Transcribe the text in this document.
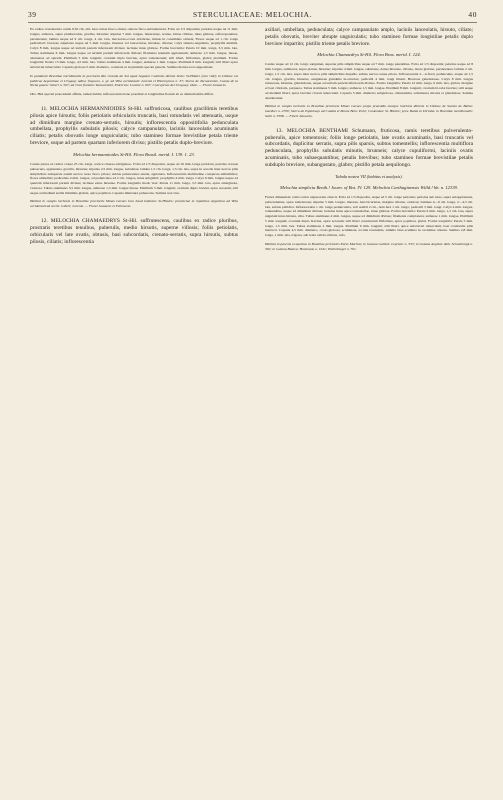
39	STERCULIACEAE: MELOCHIA.	40

Ex radice crassiuscula caulis 0,50 cm. alti, basi curtae fusco-obtusi, remote flavo-subtomentosi. Folia ad 1/3 dispositis; petiolus usque ad 11 mm. longus, subteres, supra planiusculus, gracilis, hirsutus; stipulae 7 mm. longae, linearestae, acutae, hirtae ciliatae, intus glabrae, reflexopatentes, persistentes; lamina usque ad 9 cm. longa, 4 cm. lata, lanceolato-ovata dolabriae, minus in consimiles obtusis; Flores usque ad 1 cm. longe pedicellati: bracteae stipulares usque ad 5 mm. longae, lineares vel lanceolatae, hirsutae, ciliatae; calyx sinuato-angulatus, prophyllis ninimis. Calyx 8 mm. longus usque ad tertiam partem inferiorem divisus; laciniae intus glabrae. Forma brevistila: Petala 10 mm. longa, 3,5 mm. lata. Tubus stamineus 6 mm. longus usque ad tertiam partem inferiorem divisus; filamenta tenuium applanatum; antherae 1,5 mm. longae, luteae, attenuatae ad apicem. Pistillum 5 mm. longum; ovarium triplo brevius, apice tomentosum; stili liberi, filiformes, glabri; pistillum. Forma longistila: Petala 13 mm. longa, 4,5 mm. lata. Tubus stamineus 4 mm. longus; antherae 1 mm. longae. Pistillum 8 mm. longum; stili liberi apice subclavati tuberculati. Capsula globosa 5 mm. diametro, costulata ut in plurimis speciei generis. Semina matura non suppetebant.

In paludosis Brasiliae meridionalis in provincia Rio Grande do Sul apud Jaguaro Caminho dictum Sello: St-Hilaire (non vidi); in Ditione est publicae Argentinae et Uruguay adhuc frequens, e. gr. ad Villa occidentali: Lorentz et Hieronymus n. 37; Sierra de Tacuarembó, Cuesta de la Yerba guazu: Gibert n. 597; ad rivos fluminis Tacuarembó, Entrerios: Lorentz n. 607; Concepcion del Uruguay: idem. — Floret Januario.

Obs. Hisi speciei praecedenti affinis, tamen habitu, inflorescentia bene praeditur et longitudine florum ab ea distinctissima differt.

11. MELOCHIA HERMANNIOIDES St-Hil. suffruticosa, caulibus gracillimis teretibus pilosis apice hirsutis; foliis petiolatis orbicularis truncatis, basi rotundatis vel attenuatis, usque ad dimidium margine crenato-serratis, hirsutis; inflorescentia oppositifolia pedunculata umbellata, prophyllis subulatis pilosis; calyce campanulato, laciniis lanceolatis acuminatis ciliatis; petalis obovatis longe unguiculatis; tubo stamineo formae brevistilae petala triente breviore, usque ad partem quartam inferiorem diviso; pistillo petalis duplo-breviore.

Melochia hermannioides St-Hil. Flora Brasil. merid. I. 139. 1. 23.

Caules pleres ex radice crassa 25 cm. longi, cortice cinereo-rubiginoso. Folia ad 1/3 dispositis, usque ad 16 mm. longe petiolata; petiolus crassus pubescens, applanatus, gracilis, hirsutus; stipulae 2,5 mm. longae, subulatae; lamina 1,5 cm. longa, 1,3 cm. lata, supra in acuolis inter nervos pilis simplicibus subsparsis autem nervos tereo fusco pilosa; subtus pubescentes tenuis, applanata. Inflorescentia mollitudine conspicua umbellifera; flores umbellati; pedicellae 4 mm. longae, ad pedunculos ad 2 cm. longos, intus subglabri; prophyllis 4 mm. longa. Calyx 6 mm. longus usque ad quartam inferiorem partem divisus; laciniae extus hirsutae. Forma longistila modo visa: Petala 11 mm. longa, 3,5 mm. lata, apice emarginata, violacea. Tubus stamineus 3,5 mm. longus, antherae 1,3 mm. longae luteae. Pistillum 5 mm. longum; ovarium duplo brevius apice setosum; stili usque ad medium stellis limitibus glabris, apice papillosi. Capsula immatura pubescens. Semina non visa.

Habitat in campis herbosis in Brasiliae provinciis Minas Geraes loco haud indicato: St-Hilaire; provinciae in republica Argentina ad Villa occidentali ad sectis: Gibert; Lorentz. — Floret Januario et Februario.

12. MELOCHIA CHAMAEDRYS St-Hil. suffrutescens, caulibus ex radice pluribus, prostratis teretibus tenuibus, puberulis, medio hirsutis, superne villosis; foliis petiolatis, orbicularis vel late ovatis, obtusis, basi subcordatis, crenato-serratis, supra hirsutis, subtus pilosis, ciliatis; inflorescentia

axillari, umbellata, pedunculata; calyce campanulato amplo, laciniis lanceolatis, hirsuto, ciliato; petalis obovatis, breviter abrupte unguiculatis; tubo stamineo formae longistilae petalis duplo breviore impartito; pistillo triente petalis breviore.

Melochia Chamaedrys St-Hil. Flora Bras. merid. I. 124.

Caules usque ad 12 cm. longi, sanguinei, superne pilis simplicibus usque ad 7 mm. longe patentibus. Folia ad 1/3 dispositis; petiolus usque ad 8 mm. longus, semiteres, supra planus, hirsutus; stipulae 4 mm. longae, subulatae, dense hirsutae, ciliatae, latere glabrae, persistentes; lamina 2 cm. longa, 1,5 cm. lata, supra inter nervos pilis simplicibus hispidis, subtus nervos tenue pilosa. Inflorescentia 2—4-flora; pedunculus, usque ad 1,5 cm. longus, gracilis, hirsutus, sanguineus glandulis in-structus; pedicelli 4 mm. longi hirsuti. Bracteae glandulosae. Calyx 8 mm. longus rubescens, hirsutus, glandulosus, usque ad tertiam partem inferiorem divisus. Forma longistila: Petala 12 mm. longa, 6 mm. lata, glabra, margine et basi ciliolatis, purpurea. Tubus stamineus 5 mm. longus; antherae 1,5 mm. longae. Pistillum 8 mm. longum; ovarium bi-tabe brevius; stili usque ad medium liberi, apice breviter clavati tuberculati. Capsula 5 mm. diametro subglobosa, obtusissima, subsinuata, hirsuta et glandulosa. Semina desiderantur.

Habitat in campis herbosis in Brasiliae provincia Minas Geraes prope praesidio eiusque hutchins ditionis in Ditione de Sacato de Bahia: Gardner n. 2700; Sierra do Espinhaço ad Cuiabá et Monte Belo: Pohl; Contendas: St. Hilaire; prov. Bahia in Dirinha: in Brasiliae meridionalis: Sello n. 5308. — Floret Januario.

13. MELOCHIA BENTHAMI Schumann, fruticosa, ramis teretibus pulverulento-puberulis, apice tomentosis; foliis longe petiolatis, late ovatis acuminatis, basi truncatis vel subcordatis, duplicitur serratis, supra pilis sparsis, subtus tomentellis; inflorescentia multiflora pedunculata, prophyllis subulatis minutis, brunneis; calyce cupuliformi, laciniis ovatis acuminatis, tubo subaequantibus; petalis brevibus; tubo stamineo formae brevistilae petalis subduplo breviore, subangustato, glabro; pistillo petala aequilongo.

Tabula nostra VII (habitus et analysis).

Melochia simplicia Benth.! Journ. of Bot. IV. 129. Melochia Carthaginensis Willd.! hb. n. 12339.

Frutex dimensisis; rami cortice nigrescente obtecti. Folia ad 1/3 dispositis, usque ad 5 cm. longe petiolata; petiolus sub teres, supra subapplanatus, pulverulentus, apice tomentosus; stipulae 5 mm. longae, lineares, basi bicariatae, margine ciliatae, caducae; laminae 4—9 cm. longa, 2—4,5 cm. lata, subtus pallidior. Inflorescentia 1 cm. longe pedunculata, velt assibil 2 cm., dein feré 1 cm. longo; pedicelli 3 mm. longi. Calyx 4 mm. longus, tomentellus, usque ad dimidium divisus; laciniae intus apice tomentellae, intus glabrae. Forma brevistila: Petala 6 mm. longa, 1,2 cm. lata, supra ungulam intus hirsuta, alba. Tubus stamineus 4 mm. longus, usque ad dimidium divisus; filamenta complanata; antherae 1 mm. longae. Pistillum 5 mm. longum; ovarium duplo brevius, apice setosum; stili liberi connivenuli filiformes, apice papillosi, glabri. Forma longistila: Petala 5 mm. longa, 1,5 mm. lata. Tubus stamineus 2 mm. longus. Pistillum 6 mm. longum; stili liberi, apice subclavati tuberculati, basi connivulis pilis instructi. Capsula 4,5 mm. diametro, ovato-globosa, acuminata, loculis rotundatis, summo bina acumina in cacumine obtusis. Semina 2,8 mm. longa, 1 mm. lata, trigona, sub lenta valida strinola, rufa.

Habitat in pascuis et aquibus in Brasiliae provinciis Pará: Martius; in Guiana Gallica: Leprieur n. 353; in Guiana Anglica: Rob. Schomburgk n. 302; in Guiana Batava: Hostmann n. 1041; Wullschlegel n. 791.
